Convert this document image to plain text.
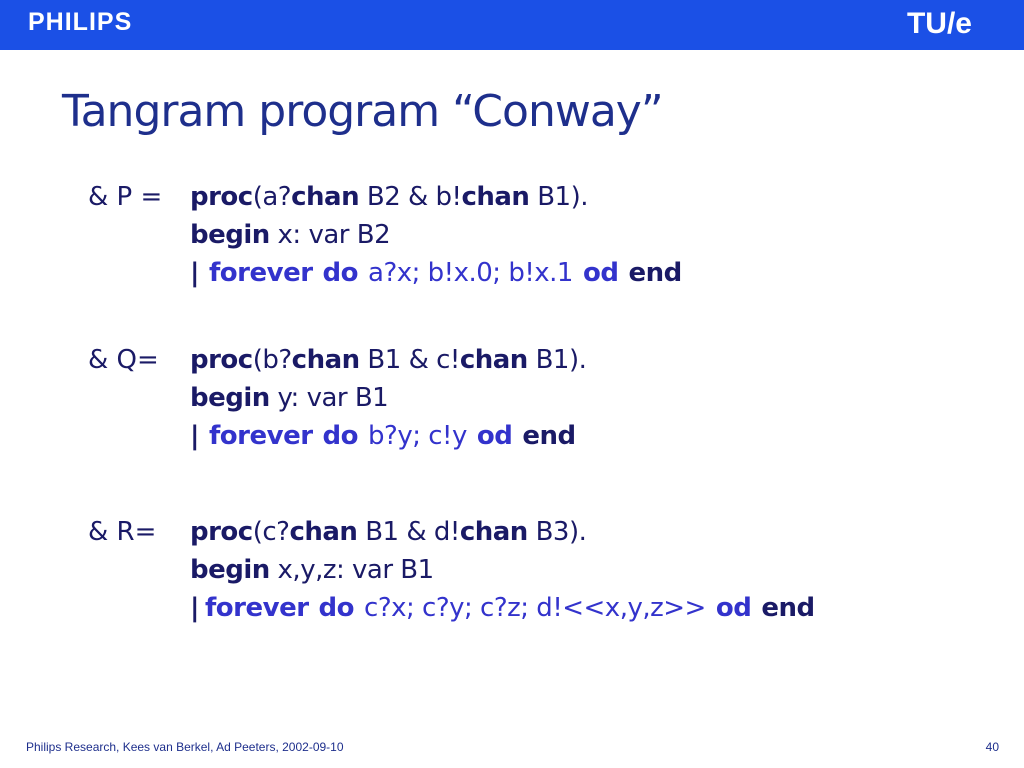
PHILIPS	TU/e
Tangram program “Conway”
& P = proc(a?chan B2 & b!chan B1).
begin x: var B2
| forever do a?x; b!x.0; b!x.1 od end
& Q= proc(b?chan B1 & c!chan B1).
begin y: var B1
| forever do b?y; c!y od end
& R= proc(c?chan B1 & d!chan B3).
begin x,y,z: var B1
| forever do c?x; c?y; c?z; d!<<x,y,z>> od end
Philips Research, Kees van Berkel, Ad Peeters, 2002-09-10	40
